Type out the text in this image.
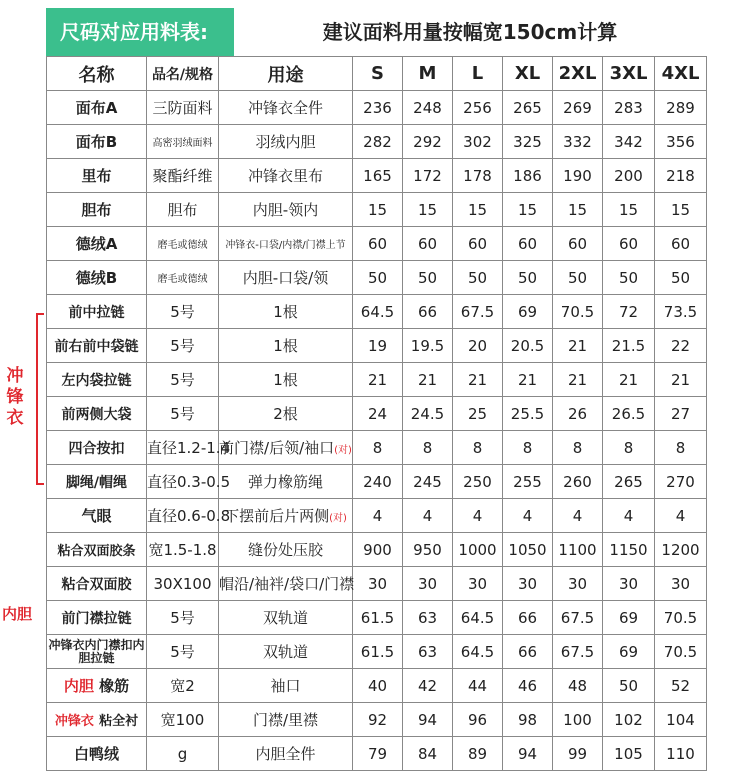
尺码对应用料表:	建议面料用量按幅宽150cm计算
冲
锋
衣
内胆
名称	品名/规格	用途	S	M	L	XL	2XL	3XL	4XL
面布A	三防面料	冲锋衣全件	236	248	256	265	269	283	289
面布B	高密羽绒面料	羽绒内胆	282	292	302	325	332	342	356
里布	聚酯纤维	冲锋衣里布	165	172	178	186	190	200	218
胆布	胆布	内胆-领内	15	15	15	15	15	15	15
德绒A	磨毛或德绒	冲锋衣-口袋/内襟/门襟上节	60	60	60	60	60	60	60
德绒B	磨毛或德绒	内胆-口袋/领	50	50	50	50	50	50	50
前中拉链	5号	1根	64.5	66	67.5	69	70.5	72	73.5
前右前中袋链	5号	1根	19	19.5	20	20.5	21	21.5	22
左内袋拉链	5号	1根	21	21	21	21	21	21	21
前两侧大袋	5号	2根	24	24.5	25	25.5	26	26.5	27
四合按扣	直径1.2-1.4	前门襟/后领/袖口(对)	8	8	8	8	8	8	8
脚绳/帽绳	直径0.3-0.5	弹力橡筋绳	240	245	250	255	260	265	270
气眼	直径0.6-0.8	下摆前后片两侧(对)	4	4	4	4	4	4	4
粘合双面胶条	宽1.5-1.8	缝份处压胶	900	950	1000	1050	1100	1150	1200
粘合双面胶	30X100	帽沿/袖袢/袋口/门襟	30	30	30	30	30	30	30
前门襟拉链	5号	双轨道	61.5	63	64.5	66	67.5	69	70.5
冲锋衣内门襟扣内胆拉链	5号	双轨道	61.5	63	64.5	66	67.5	69	70.5
内胆 橡筋	宽2	袖口	40	42	44	46	48	50	52
冲锋衣 粘全衬	宽100	门襟/里襟	92	94	96	98	100	102	104
白鸭绒	g	内胆全件	79	84	89	94	99	105	110
